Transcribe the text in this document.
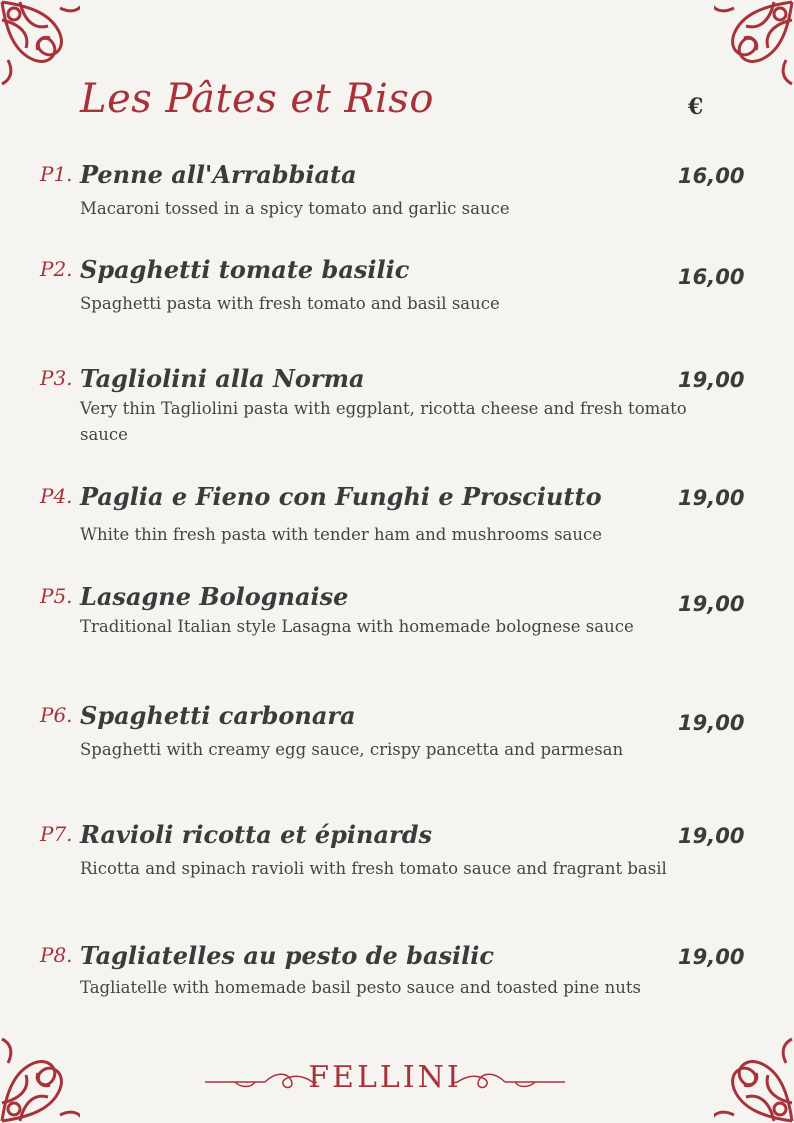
Les Pâtes et Riso	€
P1. Penne all'Arrabbiata	16,00
Macaroni tossed in a spicy tomato and garlic sauce
P2. Spaghetti tomate basilic	16,00
Spaghetti pasta with fresh tomato and basil sauce
P3. Tagliolini alla Norma	19,00
Very thin Tagliolini pasta with eggplant, ricotta cheese and fresh tomato sauce
P4. Paglia e Fieno con Funghi e Prosciutto	19,00
White thin fresh pasta with tender ham and mushrooms sauce
P5. Lasagne Bolognaise	19,00
Traditional Italian style Lasagna with homemade bolognese sauce
P6. Spaghetti carbonara	19,00
Spaghetti with creamy egg sauce, crispy pancetta and parmesan
P7. Ravioli ricotta et épinards	19,00
Ricotta and spinach ravioli with fresh tomato sauce and fragrant basil
P8. Tagliatelles au pesto de basilic	19,00
Tagliatelle with homemade basil pesto sauce and toasted pine nuts
FELLINI
